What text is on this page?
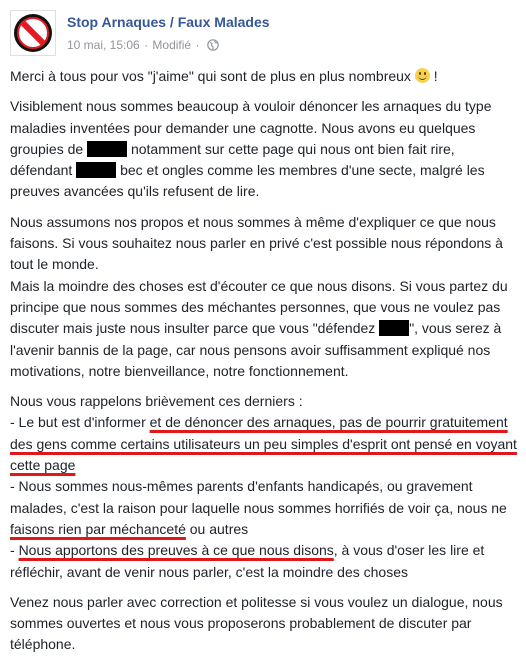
Stop Arnaques / Faux Malades
10 mai, 15:06 · Modifié ·

Merci à tous pour vos "j'aime" qui sont de plus en plus nombreux !

Visiblement nous sommes beaucoup à vouloir dénoncer les arnaques du type maladies inventées pour demander une cagnotte. Nous avons eu quelques groupies de	notamment sur cette page qui nous ont bien fait rire, défendant	bec et ongles comme les membres d'une secte, malgré les preuves avancées qu'ils refusent de lire.

Nous assumons nos propos et nous sommes à même d'expliquer ce que nous faisons. Si vous souhaitez nous parler en privé c'est possible nous répondons à tout le monde.

Mais la moindre des choses est d'écouter ce que nous disons. Si vous partez du principe que nous sommes des méchantes personnes, que vous ne voulez pas discuter mais juste nous insulter parce que vous "défendez ", vous serez à l'avenir bannis de la page, car nous pensons avoir suffisamment expliqué nos motivations, notre bienveillance, notre fonctionnement.

Nous vous rappelons brièvement ces derniers :
- Le but est d'informer et de dénoncer des arnaques, pas de pourrir gratuitement des gens comme certains utilisateurs un peu simples d'esprit ont pensé en voyant cette page
- Nous sommes nous-mêmes parents d'enfants handicapés, ou gravement malades, c'est la raison pour laquelle nous sommes horrifiés de voir ça, nous ne faisons rien par méchanceté ou autres
- Nous apportons des preuves à ce que nous disons, à vous d'oser les lire et réfléchir, avant de venir nous parler, c'est la moindre des choses

Venez nous parler avec correction et politesse si vous voulez un dialogue, nous sommes ouvertes et nous vous proposerons probablement de discuter par téléphone.
